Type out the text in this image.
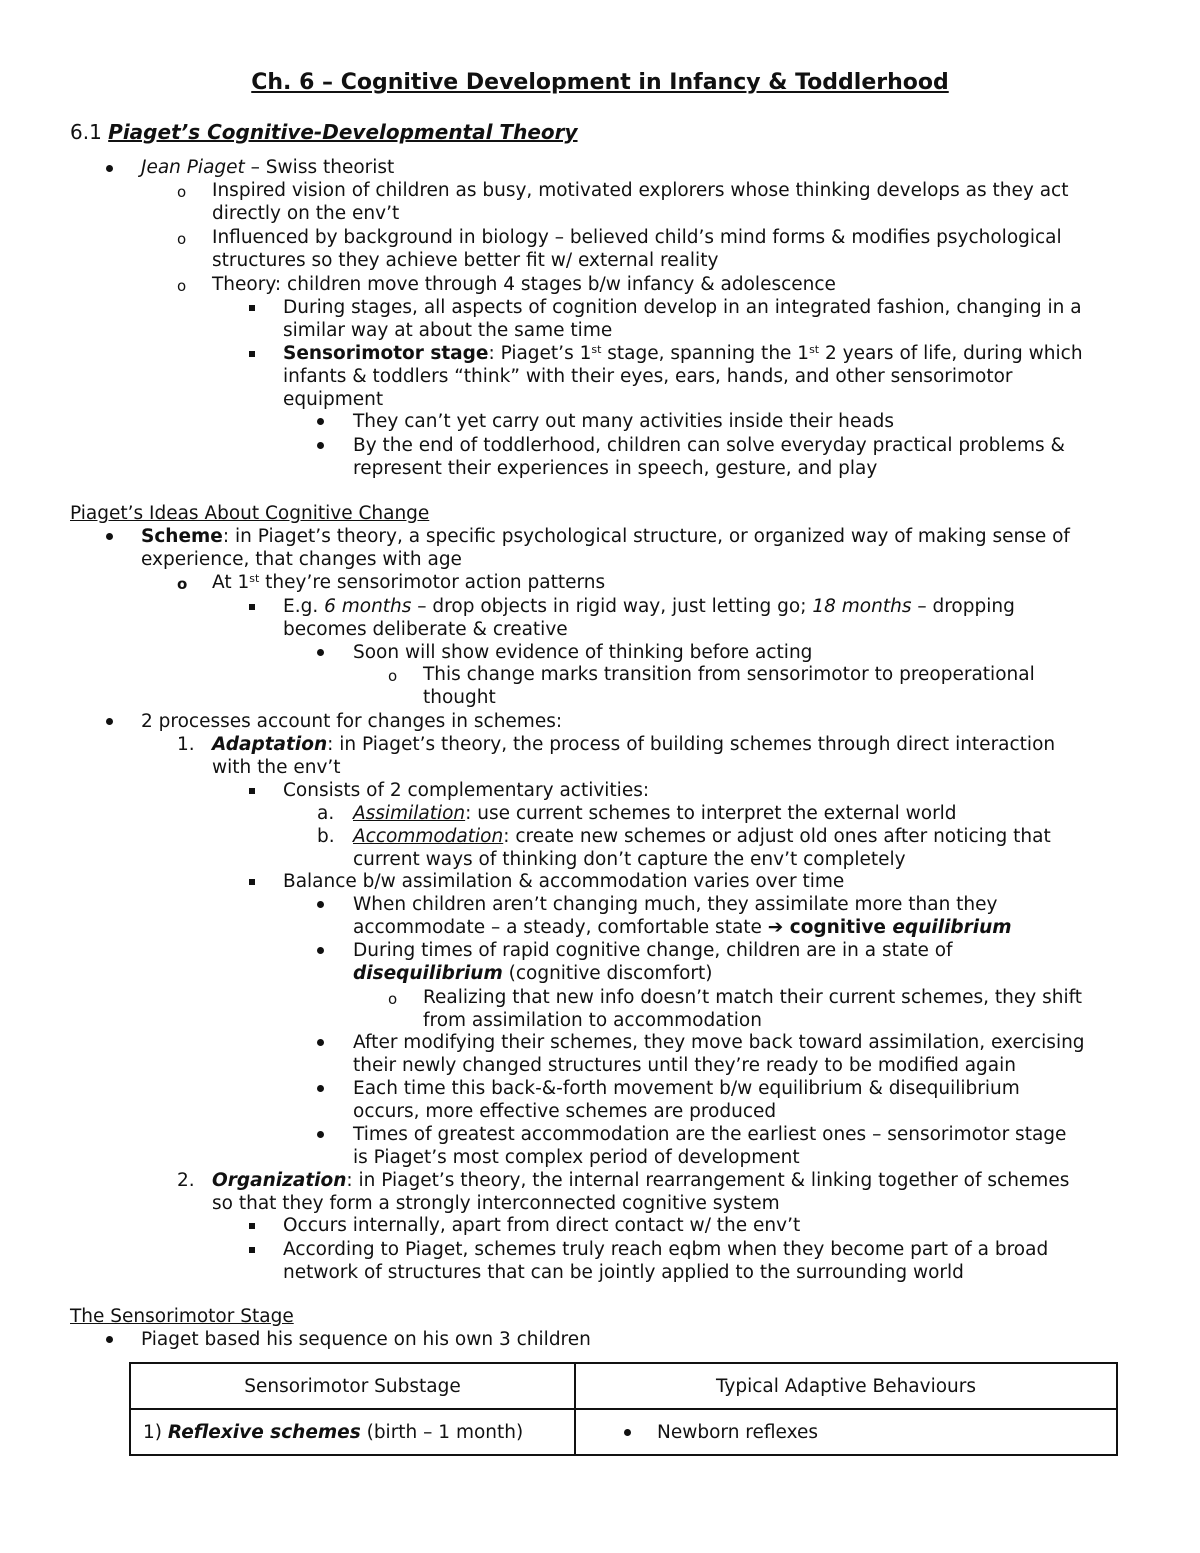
Ch. 6 – Cognitive Development in Infancy & Toddlerhood
6.1 Piaget’s Cognitive-Developmental Theory
Jean Piaget – Swiss theorist
o Inspired vision of children as busy, motivated explorers whose thinking develops as they act
directly on the env’t
o Influenced by background in biology – believed child’s mind forms & modifies psychological
structures so they achieve better fit w/ external reality
o Theory: children move through 4 stages b/w infancy & adolescence
During stages, all aspects of cognition develop in an integrated fashion, changing in a
similar way at about the same time
Sensorimotor stage: Piaget’s 1st stage, spanning the 1st 2 years of life, during which
infants & toddlers “think” with their eyes, ears, hands, and other sensorimotor
equipment
They can’t yet carry out many activities inside their heads
By the end of toddlerhood, children can solve everyday practical problems &
represent their experiences in speech, gesture, and play
Piaget’s Ideas About Cognitive Change
Scheme: in Piaget’s theory, a specific psychological structure, or organized way of making sense of
experience, that changes with age
o At 1st they’re sensorimotor action patterns
E.g. 6 months – drop objects in rigid way, just letting go; 18 months – dropping
becomes deliberate & creative
Soon will show evidence of thinking before acting
o This change marks transition from sensorimotor to preoperational
thought
2 processes account for changes in schemes:
1. Adaptation: in Piaget’s theory, the process of building schemes through direct interaction
with the env’t
Consists of 2 complementary activities:
a. Assimilation: use current schemes to interpret the external world
b. Accommodation: create new schemes or adjust old ones after noticing that
current ways of thinking don’t capture the env’t completely
Balance b/w assimilation & accommodation varies over time
When children aren’t changing much, they assimilate more than they
accommodate – a steady, comfortable state ➔ cognitive equilibrium
During times of rapid cognitive change, children are in a state of
disequilibrium (cognitive discomfort)
o Realizing that new info doesn’t match their current schemes, they shift
from assimilation to accommodation
After modifying their schemes, they move back toward assimilation, exercising
their newly changed structures until they’re ready to be modified again
Each time this back-&-forth movement b/w equilibrium & disequilibrium
occurs, more effective schemes are produced
Times of greatest accommodation are the earliest ones – sensorimotor stage
is Piaget’s most complex period of development
2. Organization: in Piaget’s theory, the internal rearrangement & linking together of schemes
so that they form a strongly interconnected cognitive system
Occurs internally, apart from direct contact w/ the env’t
According to Piaget, schemes truly reach eqbm when they become part of a broad
network of structures that can be jointly applied to the surrounding world
The Sensorimotor Stage
Piaget based his sequence on his own 3 children
Sensorimotor Substage	Typical Adaptive Behaviours
1) Reflexive schemes (birth – 1 month)	Newborn reflexes
